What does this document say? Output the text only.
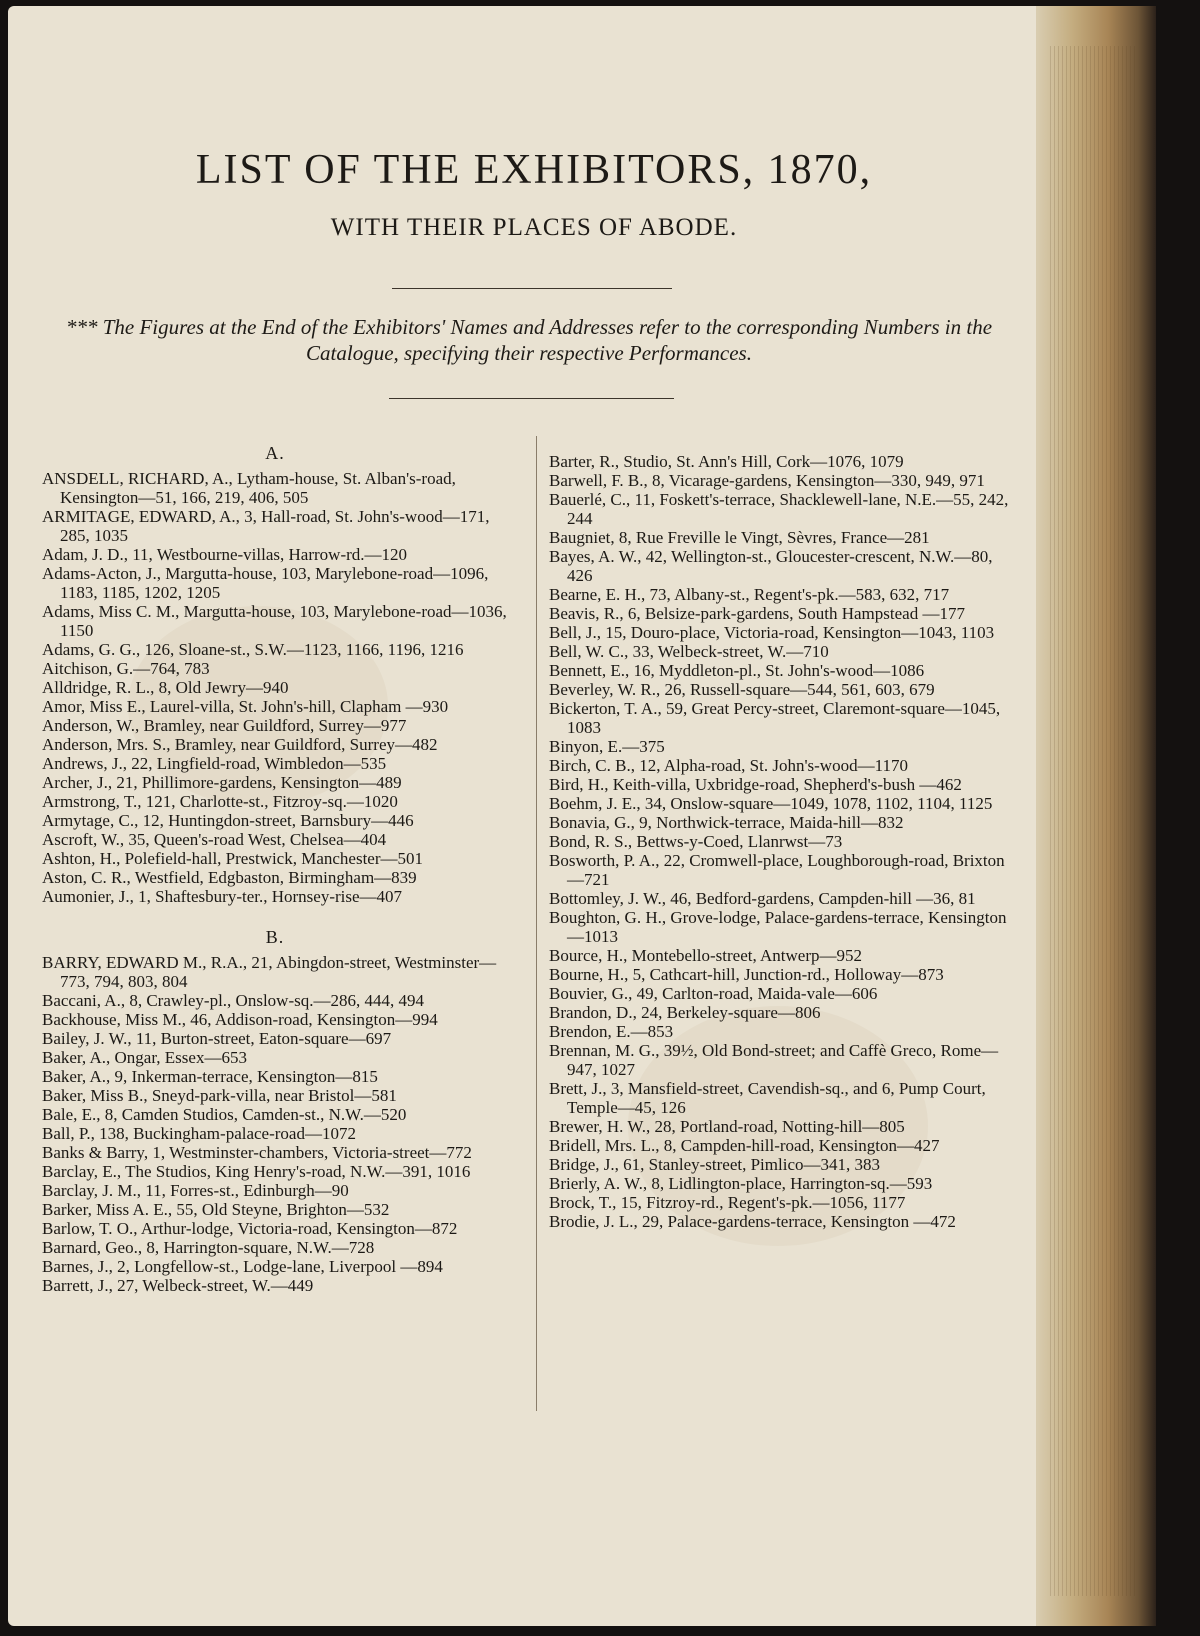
LIST OF THE EXHIBITORS, 1870,
WITH THEIR PLACES OF ABODE.
*** The Figures at the End of the Exhibitors' Names and Addresses refer to the corresponding Numbers in the Catalogue, specifying their respective Performances.
A.

ANSDELL, RICHARD, A., Lytham-house, St. Alban's-road, Kensington—51, 166, 219, 406, 505

ARMITAGE, EDWARD, A., 3, Hall-road, St. John's-wood—171, 285, 1035

Adam, J. D., 11, Westbourne-villas, Harrow-rd.—120

Adams-Acton, J., Margutta-house, 103, Marylebone-road—1096, 1183, 1185, 1202, 1205

Adams, Miss C. M., Margutta-house, 103, Marylebone-road—1036, 1150

Adams, G. G., 126, Sloane-st., S.W.—1123, 1166, 1196, 1216

Aitchison, G.—764, 783

Alldridge, R. L., 8, Old Jewry—940

Amor, Miss E., Laurel-villa, St. John's-hill, Clapham —930

Anderson, W., Bramley, near Guildford, Surrey—977

Anderson, Mrs. S., Bramley, near Guildford, Surrey—482

Andrews, J., 22, Lingfield-road, Wimbledon—535

Archer, J., 21, Phillimore-gardens, Kensington—489

Armstrong, T., 121, Charlotte-st., Fitzroy-sq.—1020

Armytage, C., 12, Huntingdon-street, Barnsbury—446

Ascroft, W., 35, Queen's-road West, Chelsea—404

Ashton, H., Polefield-hall, Prestwick, Manchester—501

Aston, C. R., Westfield, Edgbaston, Birmingham—839

Aumonier, J., 1, Shaftesbury-ter., Hornsey-rise—407

B.

BARRY, EDWARD M., R.A., 21, Abingdon-street, Westminster—773, 794, 803, 804

Baccani, A., 8, Crawley-pl., Onslow-sq.—286, 444, 494

Backhouse, Miss M., 46, Addison-road, Kensington—994

Bailey, J. W., 11, Burton-street, Eaton-square—697

Baker, A., Ongar, Essex—653

Baker, A., 9, Inkerman-terrace, Kensington—815

Baker, Miss B., Sneyd-park-villa, near Bristol—581

Bale, E., 8, Camden Studios, Camden-st., N.W.—520

Ball, P., 138, Buckingham-palace-road—1072

Banks & Barry, 1, Westminster-chambers, Victoria-street—772

Barclay, E., The Studios, King Henry's-road, N.W.—391, 1016

Barclay, J. M., 11, Forres-st., Edinburgh—90

Barker, Miss A. E., 55, Old Steyne, Brighton—532

Barlow, T. O., Arthur-lodge, Victoria-road, Kensington—872

Barnard, Geo., 8, Harrington-square, N.W.—728

Barnes, J., 2, Longfellow-st., Lodge-lane, Liverpool —894

Barrett, J., 27, Welbeck-street, W.—449

Barter, R., Studio, St. Ann's Hill, Cork—1076, 1079

Barwell, F. B., 8, Vicarage-gardens, Kensington—330, 949, 971

Bauerlé, C., 11, Foskett's-terrace, Shacklewell-lane, N.E.—55, 242, 244

Baugniet, 8, Rue Freville le Vingt, Sèvres, France—281

Bayes, A. W., 42, Wellington-st., Gloucester-crescent, N.W.—80, 426

Bearne, E. H., 73, Albany-st., Regent's-pk.—583, 632, 717

Beavis, R., 6, Belsize-park-gardens, South Hampstead —177

Bell, J., 15, Douro-place, Victoria-road, Kensington—1043, 1103

Bell, W. C., 33, Welbeck-street, W.—710

Bennett, E., 16, Myddleton-pl., St. John's-wood—1086

Beverley, W. R., 26, Russell-square—544, 561, 603, 679

Bickerton, T. A., 59, Great Percy-street, Claremont-square—1045, 1083

Binyon, E.—375

Birch, C. B., 12, Alpha-road, St. John's-wood—1170

Bird, H., Keith-villa, Uxbridge-road, Shepherd's-bush —462

Boehm, J. E., 34, Onslow-square—1049, 1078, 1102, 1104, 1125

Bonavia, G., 9, Northwick-terrace, Maida-hill—832

Bond, R. S., Bettws-y-Coed, Llanrwst—73

Bosworth, P. A., 22, Cromwell-place, Loughborough-road, Brixton—721

Bottomley, J. W., 46, Bedford-gardens, Campden-hill —36, 81

Boughton, G. H., Grove-lodge, Palace-gardens-terrace, Kensington—1013

Bource, H., Montebello-street, Antwerp—952

Bourne, H., 5, Cathcart-hill, Junction-rd., Holloway—873

Bouvier, G., 49, Carlton-road, Maida-vale—606

Brandon, D., 24, Berkeley-square—806

Brendon, E.—853

Brennan, M. G., 39½, Old Bond-street; and Caffè Greco, Rome—947, 1027

Brett, J., 3, Mansfield-street, Cavendish-sq., and 6, Pump Court, Temple—45, 126

Brewer, H. W., 28, Portland-road, Notting-hill—805

Bridell, Mrs. L., 8, Campden-hill-road, Kensington—427

Bridge, J., 61, Stanley-street, Pimlico—341, 383

Brierly, A. W., 8, Lidlington-place, Harrington-sq.—593

Brock, T., 15, Fitzroy-rd., Regent's-pk.—1056, 1177

Brodie, J. L., 29, Palace-gardens-terrace, Kensington —472
